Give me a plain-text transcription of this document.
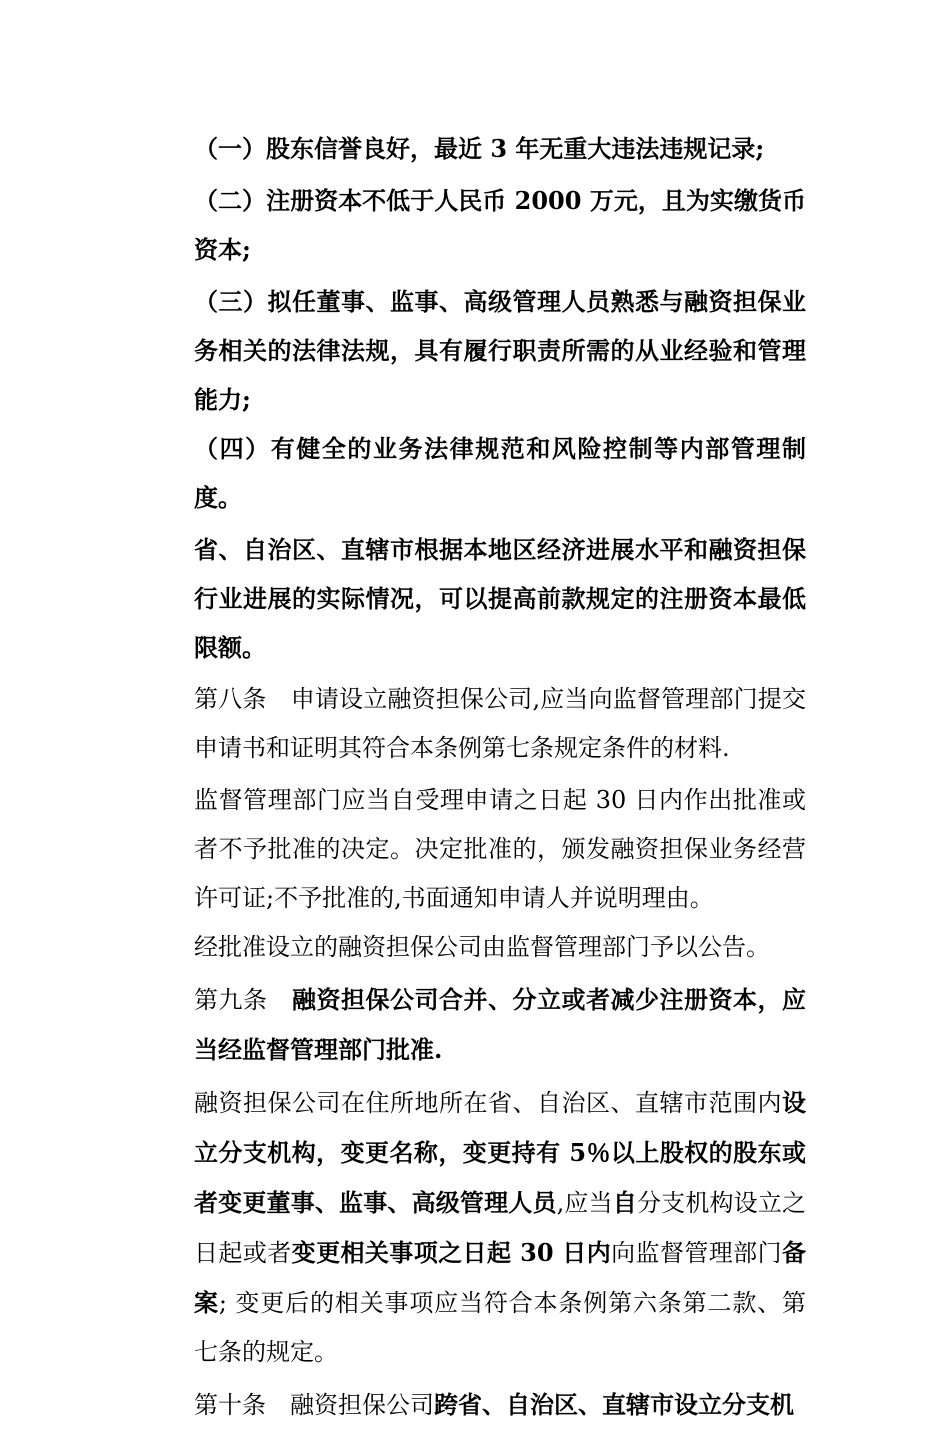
（一）股东信誉良好，最近 3 年无重大违法违规记录;

（二）注册资本不低于人民币 2000 万元，且为实缴货币资本;

（三）拟任董事、监事、高级管理人员熟悉与融资担保业务相关的法律法规，具有履行职责所需的从业经验和管理能力;

（四）有健全的业务法律规范和风险控制等内部管理制度。

省、自治区、直辖市根据本地区经济进展水平和融资担保行业进展的实际情况，可以提高前款规定的注册资本最低限额。

第八条　申请设立融资担保公司,应当向监督管理部门提交申请书和证明其符合本条例第七条规定条件的材料.

监督管理部门应当自受理申请之日起 30 日内作出批准或者不予批准的决定。决定批准的，颁发融资担保业务经营许可证;不予批准的,书面通知申请人并说明理由。

经批准设立的融资担保公司由监督管理部门予以公告。

第九条　融资担保公司合并、分立或者减少注册资本，应当经监督管理部门批准.

融资担保公司在住所地所在省、自治区、直辖市范围内设立分支机构，变更名称，变更持有 5％以上股权的股东或者变更董事、监事、高级管理人员,应当自分支机构设立之日起或者变更相关事项之日起 30 日内向监督管理部门备案; 变更后的相关事项应当符合本条例第六条第二款、第七条的规定。

第十条　融资担保公司跨省、自治区、直辖市设立分支机
